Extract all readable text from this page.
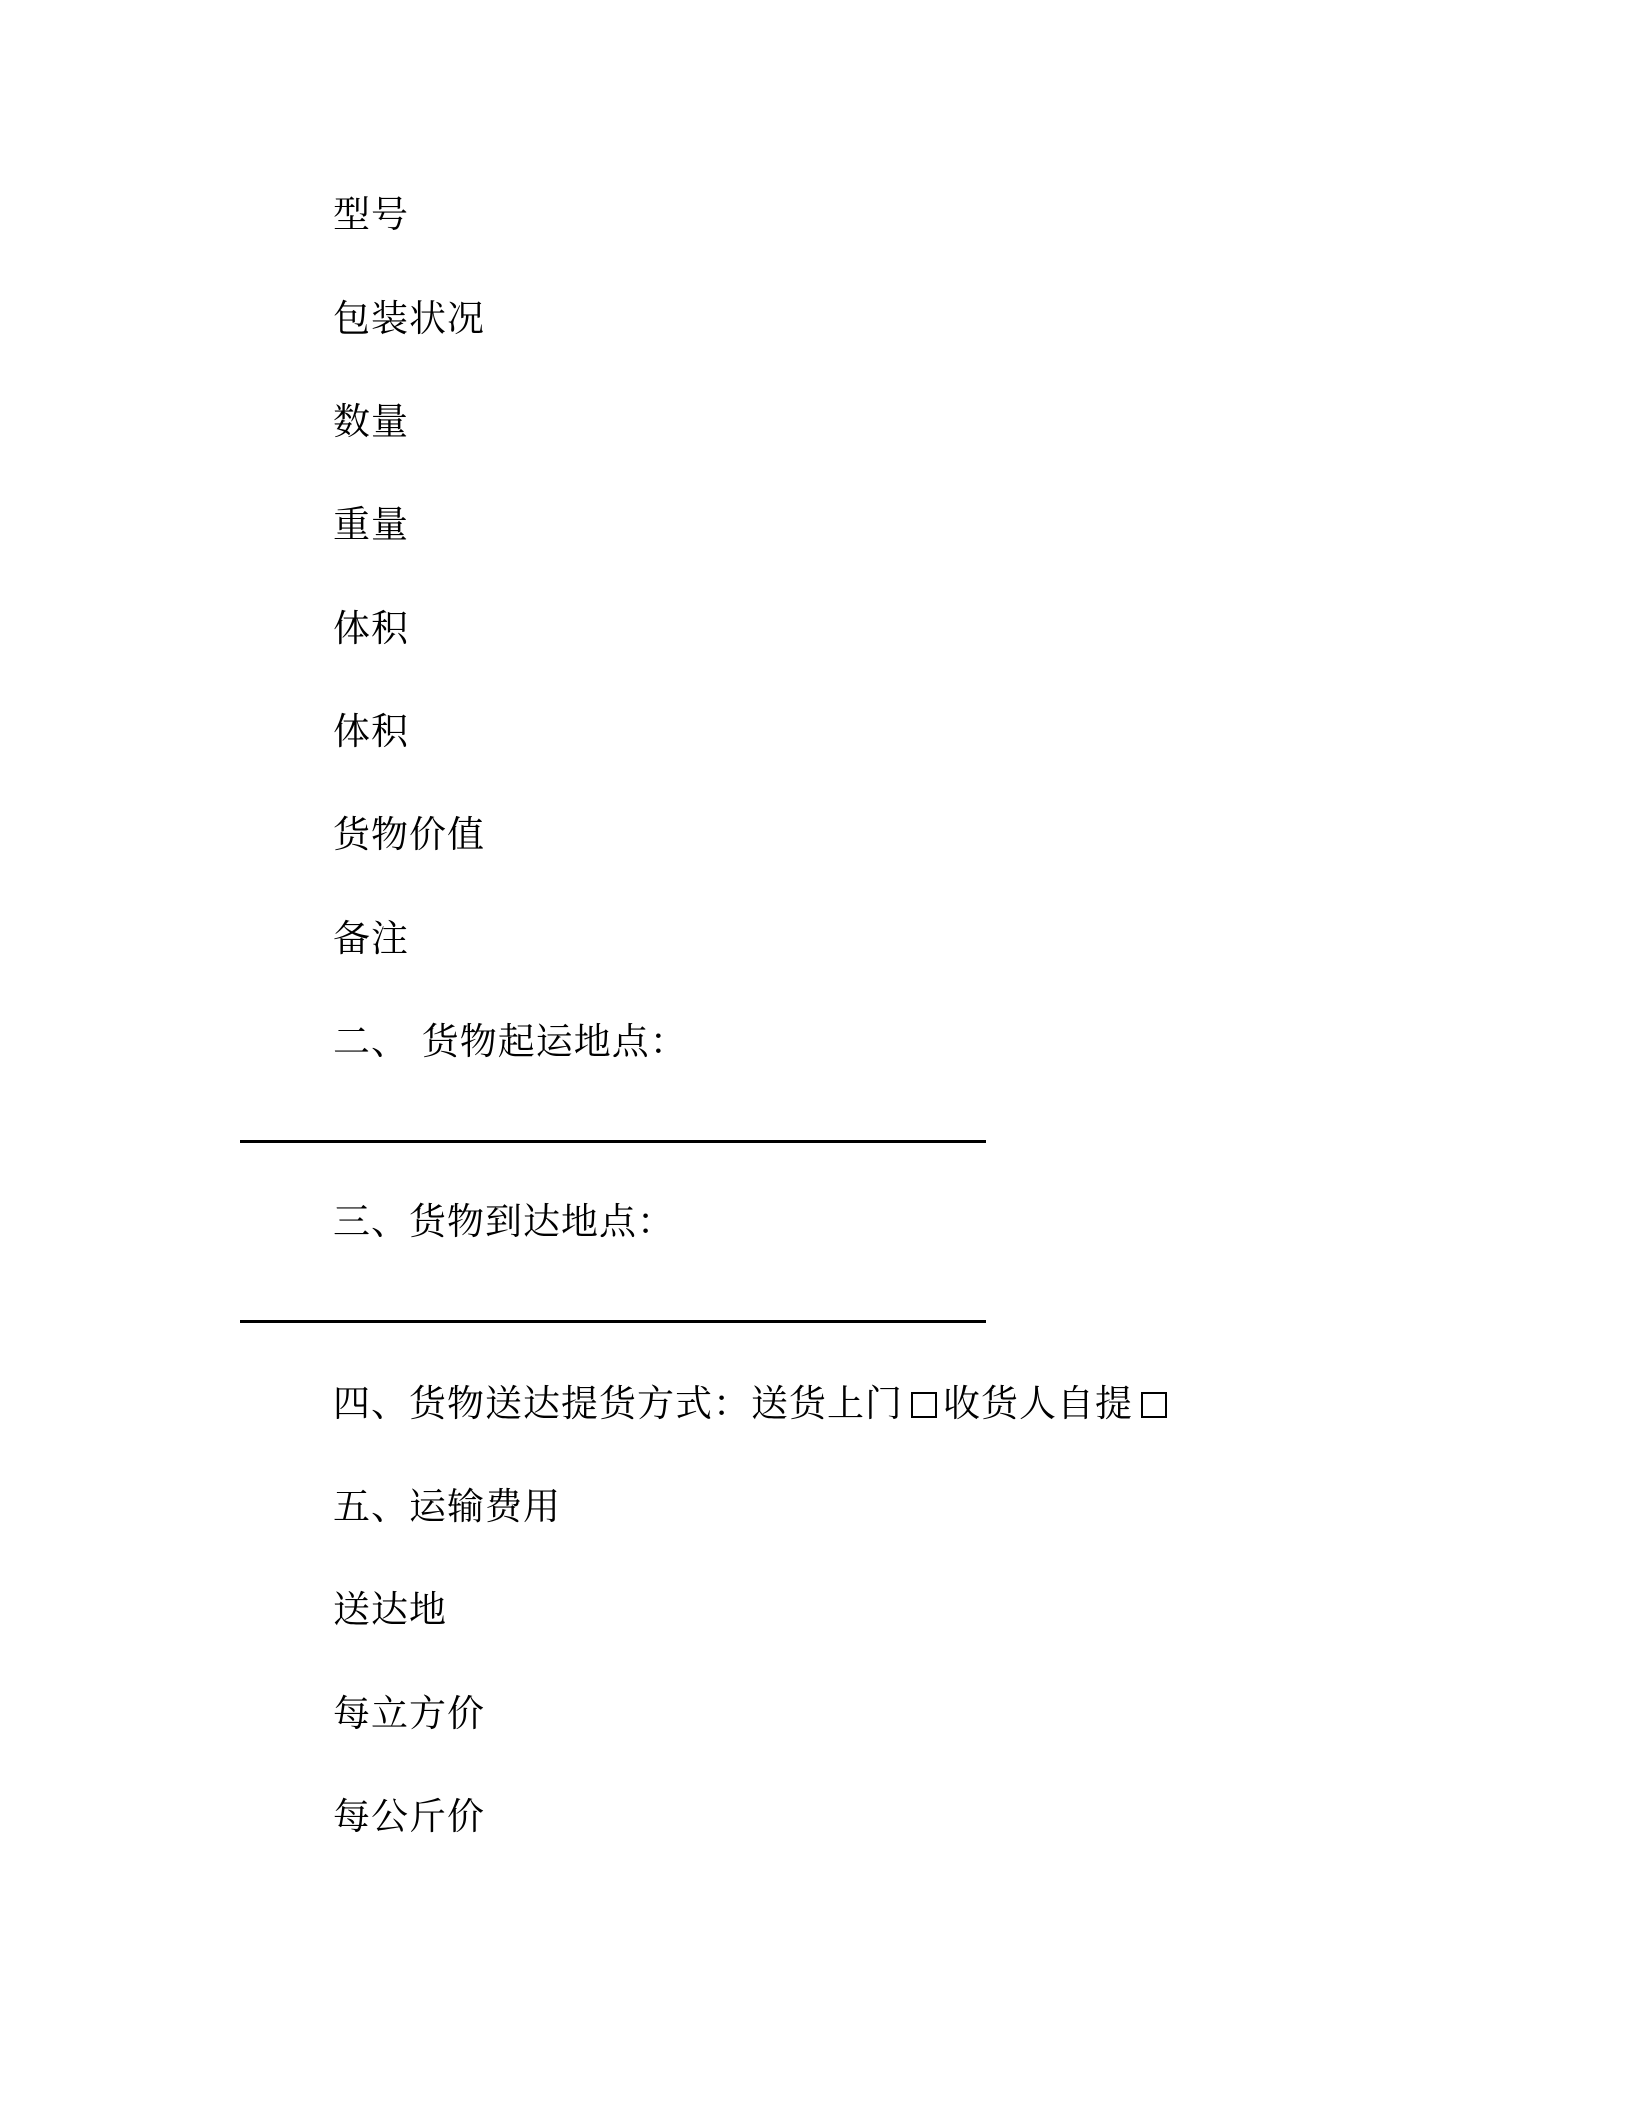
型号
包装状况
数量
重量
体积
体积
货物价值
备注
二、 货物起运地点：
三、货物到达地点：
四、货物送达提货方式：送货上门 收货人自提
五、运输费用
送达地
每立方价
每公斤价
